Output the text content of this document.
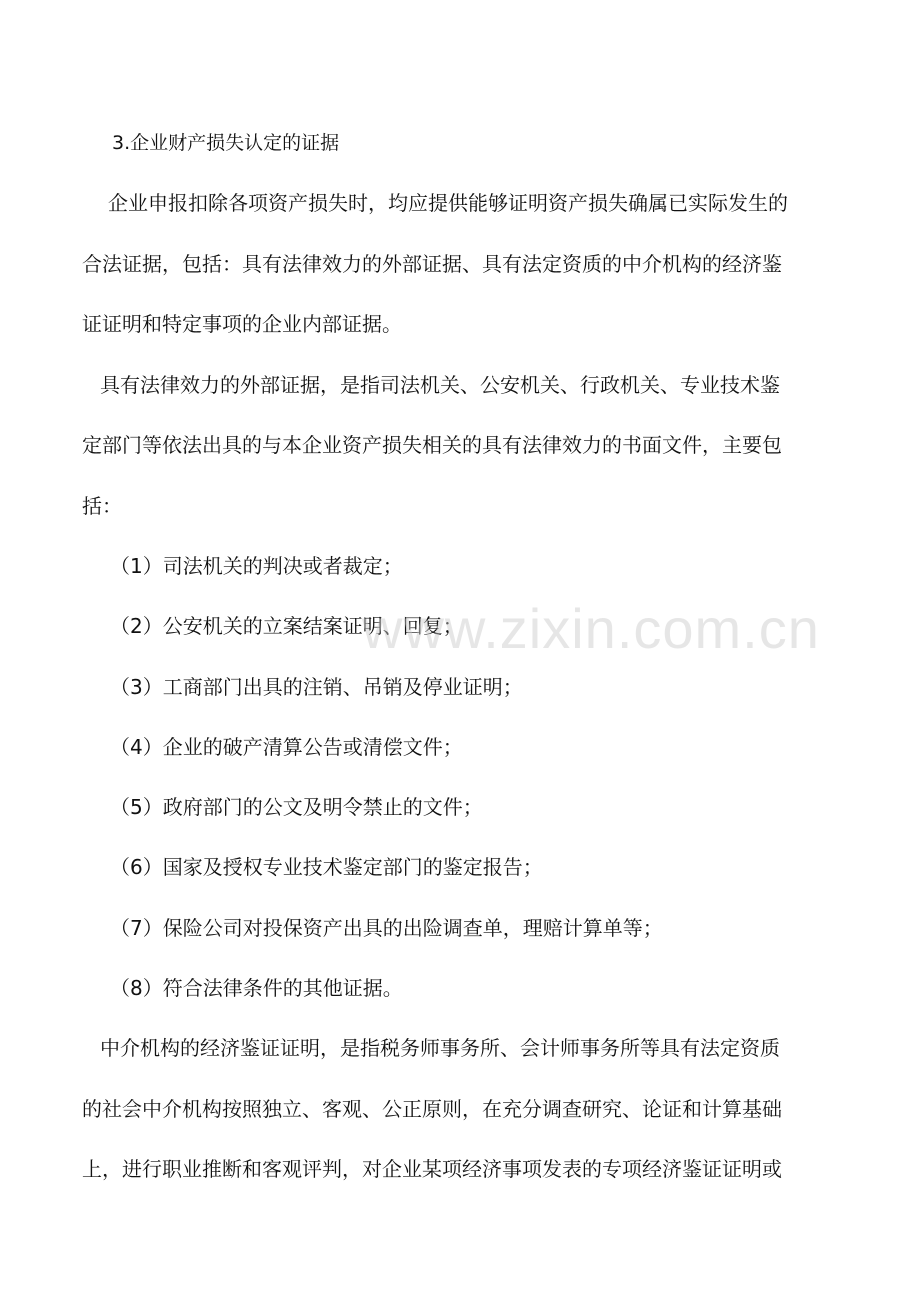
3.企业财产损失认定的证据
企业申报扣除各项资产损失时，均应提供能够证明资产损失确属已实际发生的
合法证据，包括：具有法律效力的外部证据、具有法定资质的中介机构的经济鉴
证证明和特定事项的企业内部证据。
具有法律效力的外部证据，是指司法机关、公安机关、行政机关、专业技术鉴
定部门等依法出具的与本企业资产损失相关的具有法律效力的书面文件，主要包
括：
（1）司法机关的判决或者裁定；
（2）公安机关的立案结案证明、回复；
（3）工商部门出具的注销、吊销及停业证明；
（4）企业的破产清算公告或清偿文件；
（5）政府部门的公文及明令禁止的文件；
（6）国家及授权专业技术鉴定部门的鉴定报告；
（7）保险公司对投保资产出具的出险调查单，理赔计算单等；
（8）符合法律条件的其他证据。
中介机构的经济鉴证证明，是指税务师事务所、会计师事务所等具有法定资质
的社会中介机构按照独立、客观、公正原则，在充分调查研究、论证和计算基础
上，进行职业推断和客观评判，对企业某项经济事项发表的专项经济鉴证证明或
www.zixin.com.cn
